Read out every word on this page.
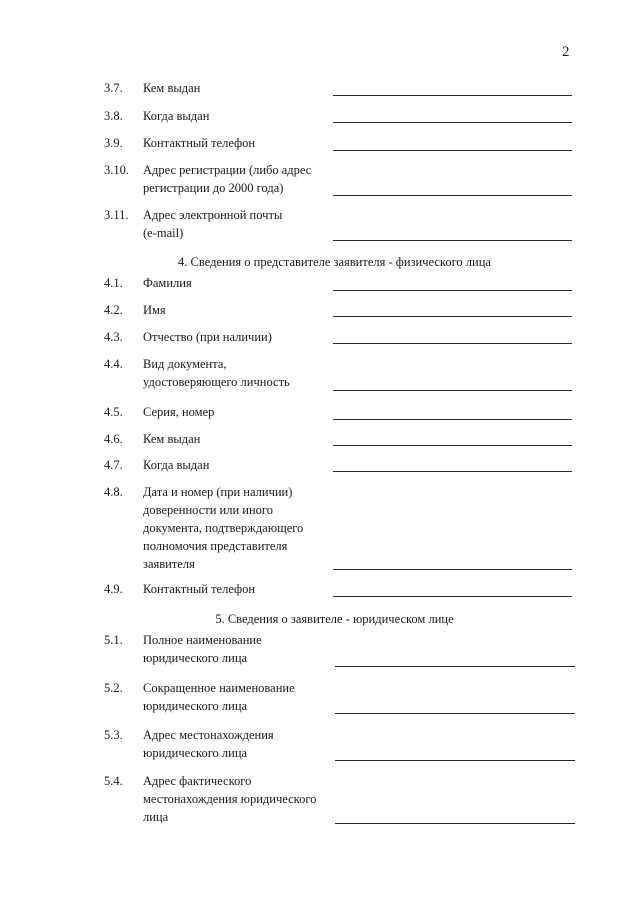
2
3.7.	Кем выдан
3.8.	Когда выдан
3.9.	Контактный телефон
3.10.	Адрес регистрации (либо адрес
регистрации до 2000 года)
3.11.	Адрес электронной почты
(e-mail)
4. Сведения о представителе заявителя - физического лица
4.1.	Фамилия
4.2.	Имя
4.3.	Отчество (при наличии)
4.4.	Вид документа,
удостоверяющего личность
4.5.	Серия, номер
4.6.	Кем выдан
4.7.	Когда выдан
4.8.	Дата и номер (при наличии)
доверенности или иного
документа, подтверждающего
полномочия представителя
заявителя
4.9.	Контактный телефон
5. Сведения о заявителе - юридическом лице
5.1.	Полное наименование
юридического лица
5.2.	Сокращенное наименование
юридического лица
5.3.	Адрес местонахождения
юридического лица
5.4.	Адрес фактического
местонахождения юридического
лица
